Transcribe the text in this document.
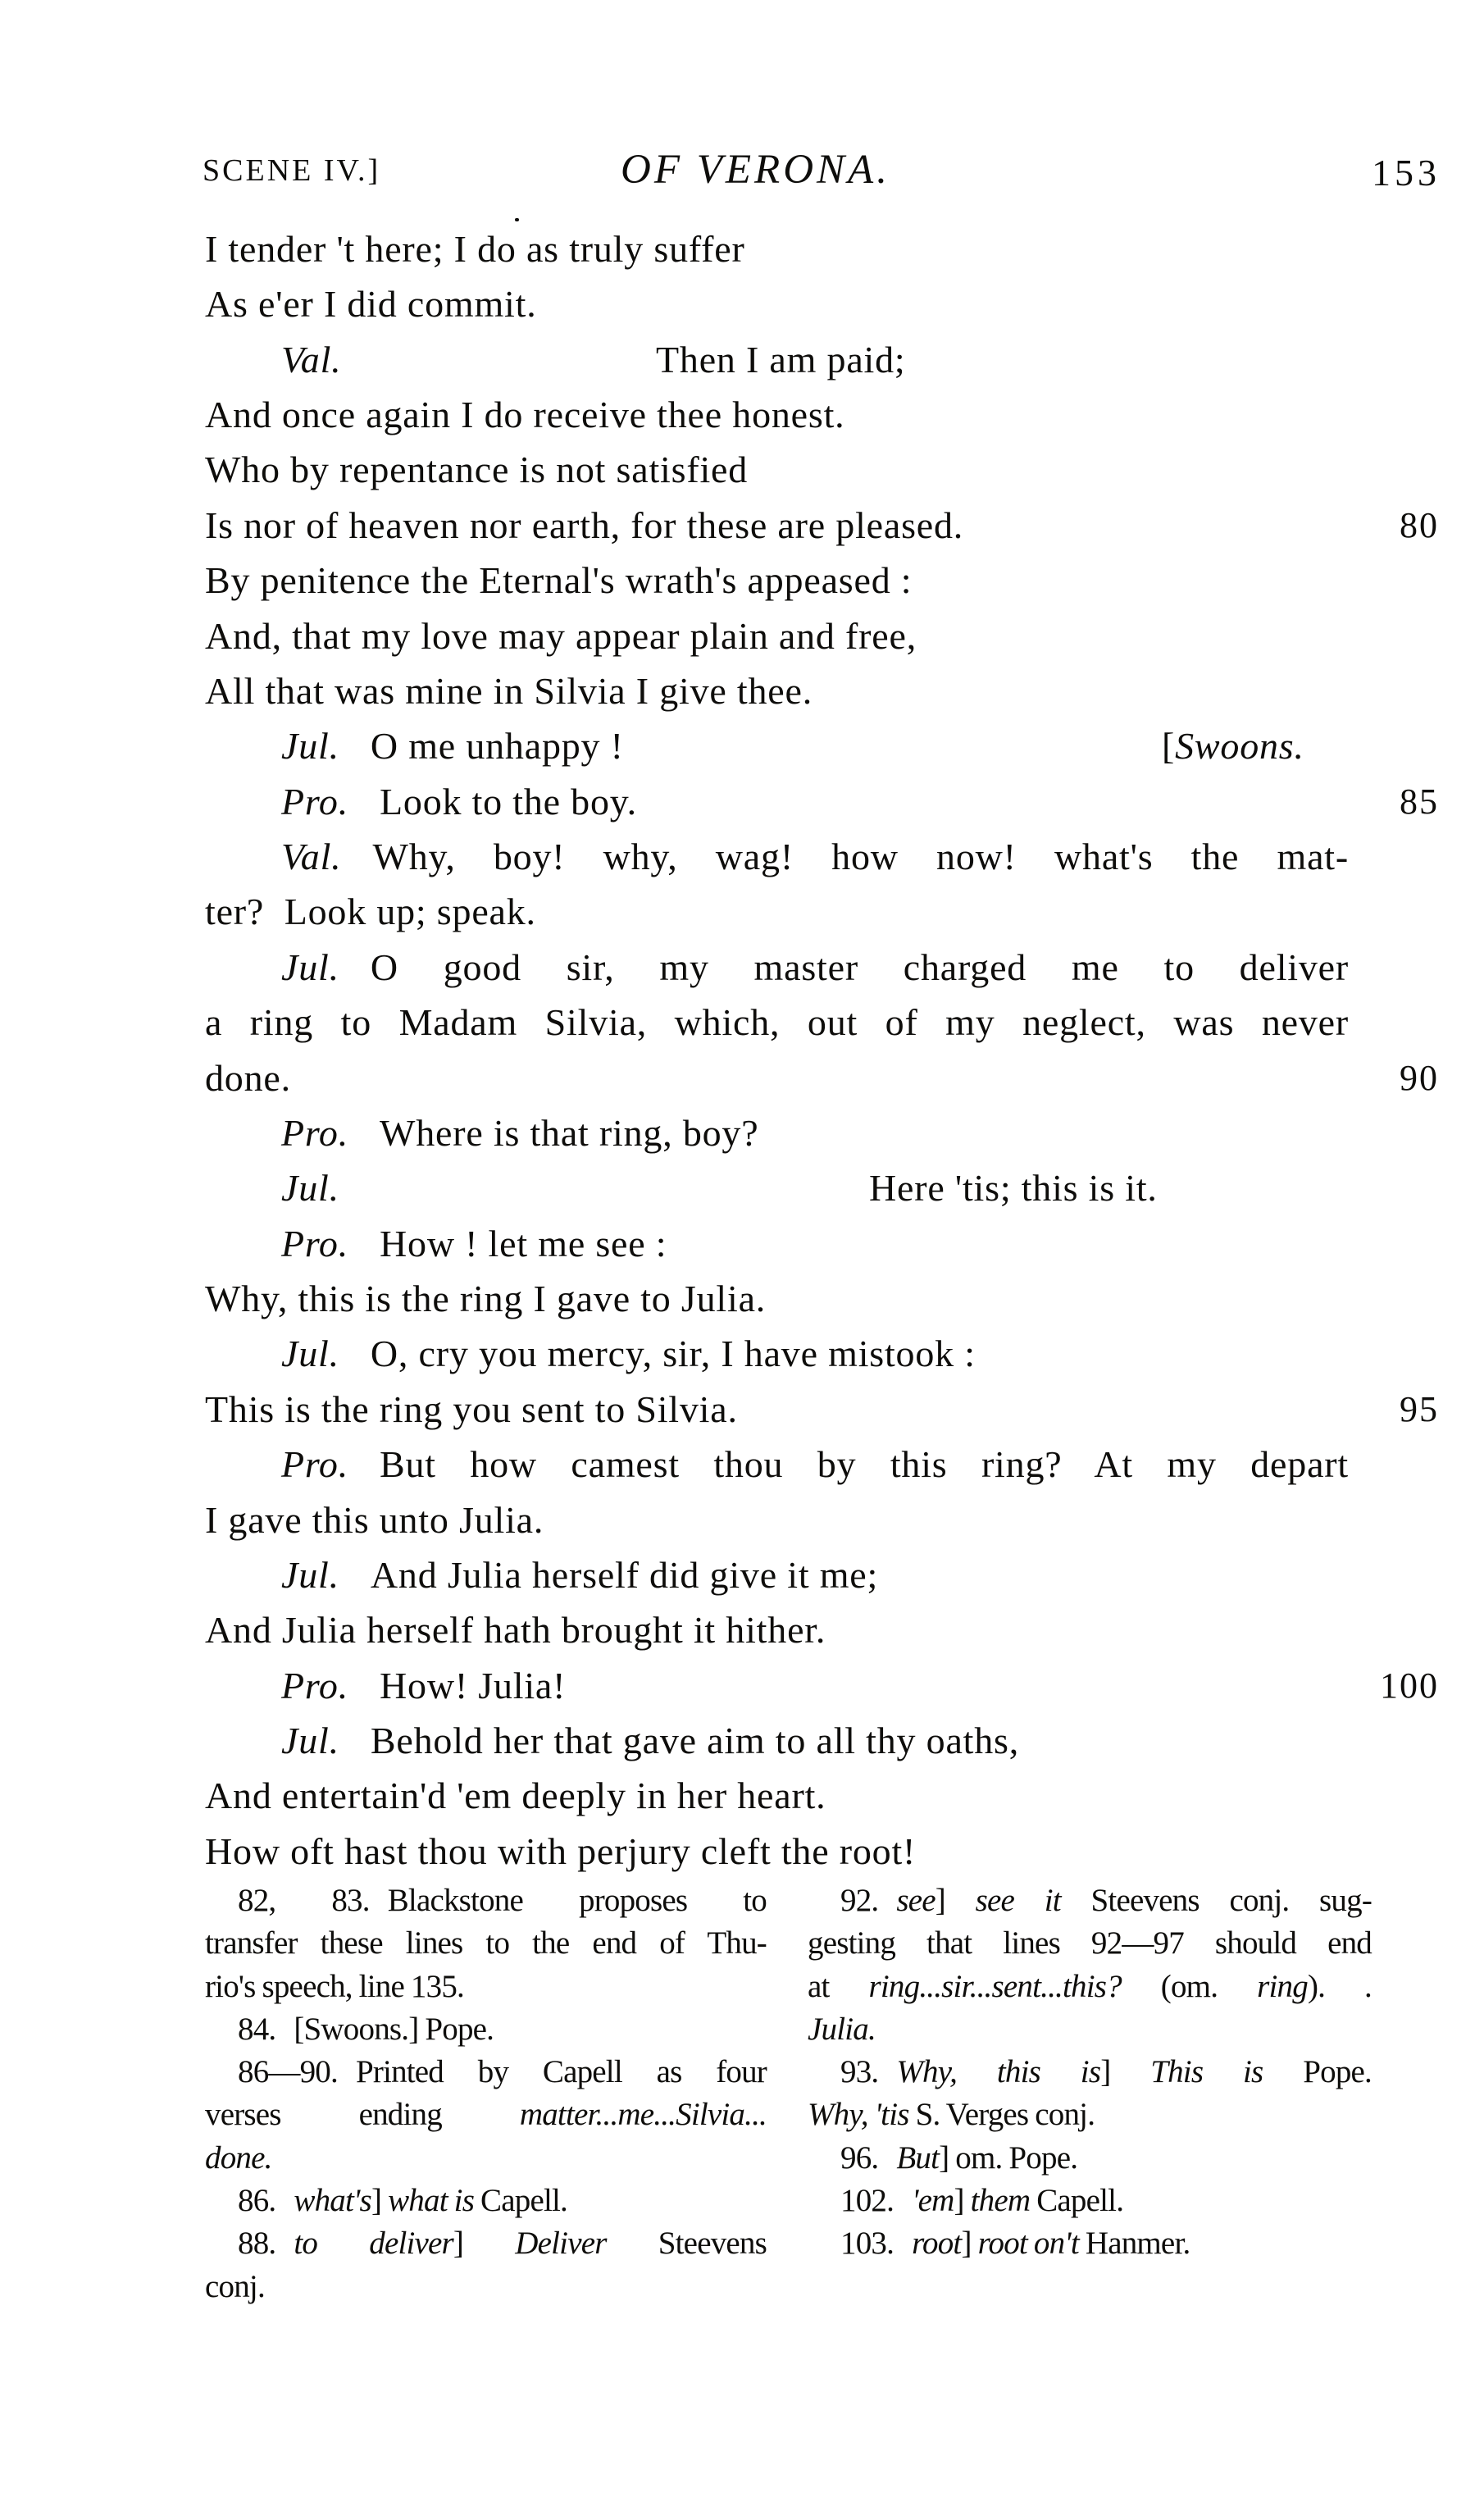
SCENE IV.]	OF VERONA.	153
I tender 't here; I do as truly suffer
As e'er I did commit.
Val.	Then I am paid;
And once again I do receive thee honest.
Who by repentance is not satisfied
Is nor of heaven nor earth, for these are pleased.	80
By penitence the Eternal's wrath's appeased :
And, that my love may appear plain and free,
All that was mine in Silvia I give thee.
Jul. O me unhappy !	[Swoons.
Pro. Look to the boy.	85
Val. Why, boy! why, wag! how now! what's the mat-
ter?  Look up; speak.
Jul. O good sir, my master charged me to deliver
a ring to Madam Silvia, which, out of my neglect, was never
done.	90
Pro. Where is that ring, boy?
Jul.	Here 'tis; this is it.
Pro. How ! let me see :
Why, this is the ring I gave to Julia.
Jul. O, cry you mercy, sir, I have mistook :
This is the ring you sent to Silvia.	95
Pro. But how camest thou by this ring? At my depart
I gave this unto Julia.
Jul. And Julia herself did give it me;
And Julia herself hath brought it hither.
Pro. How! Julia!	100
Jul. Behold her that gave aim to all thy oaths,
And entertain'd 'em deeply in her heart.
How oft hast thou with perjury cleft the root!
82, 83. Blackstone proposes to
transfer these lines to the end of Thu-
rio's speech, line 135.
84. [Swoons.] Pope.
86—90. Printed by Capell as four
verses ending matter...me...Silvia...
done.
86. what's] what is Capell.
88. to deliver] Deliver Steevens
conj.
92. see] see it Steevens conj. sug-
gesting that lines 92—97 should end
at ring...sir...sent...this? (om. ring). .
Julia.
93. Why, this is] This is Pope.
Why, 'tis S. Verges conj.
96. But] om. Pope.
102. 'em] them Capell.
103. root] root on't Hanmer.
